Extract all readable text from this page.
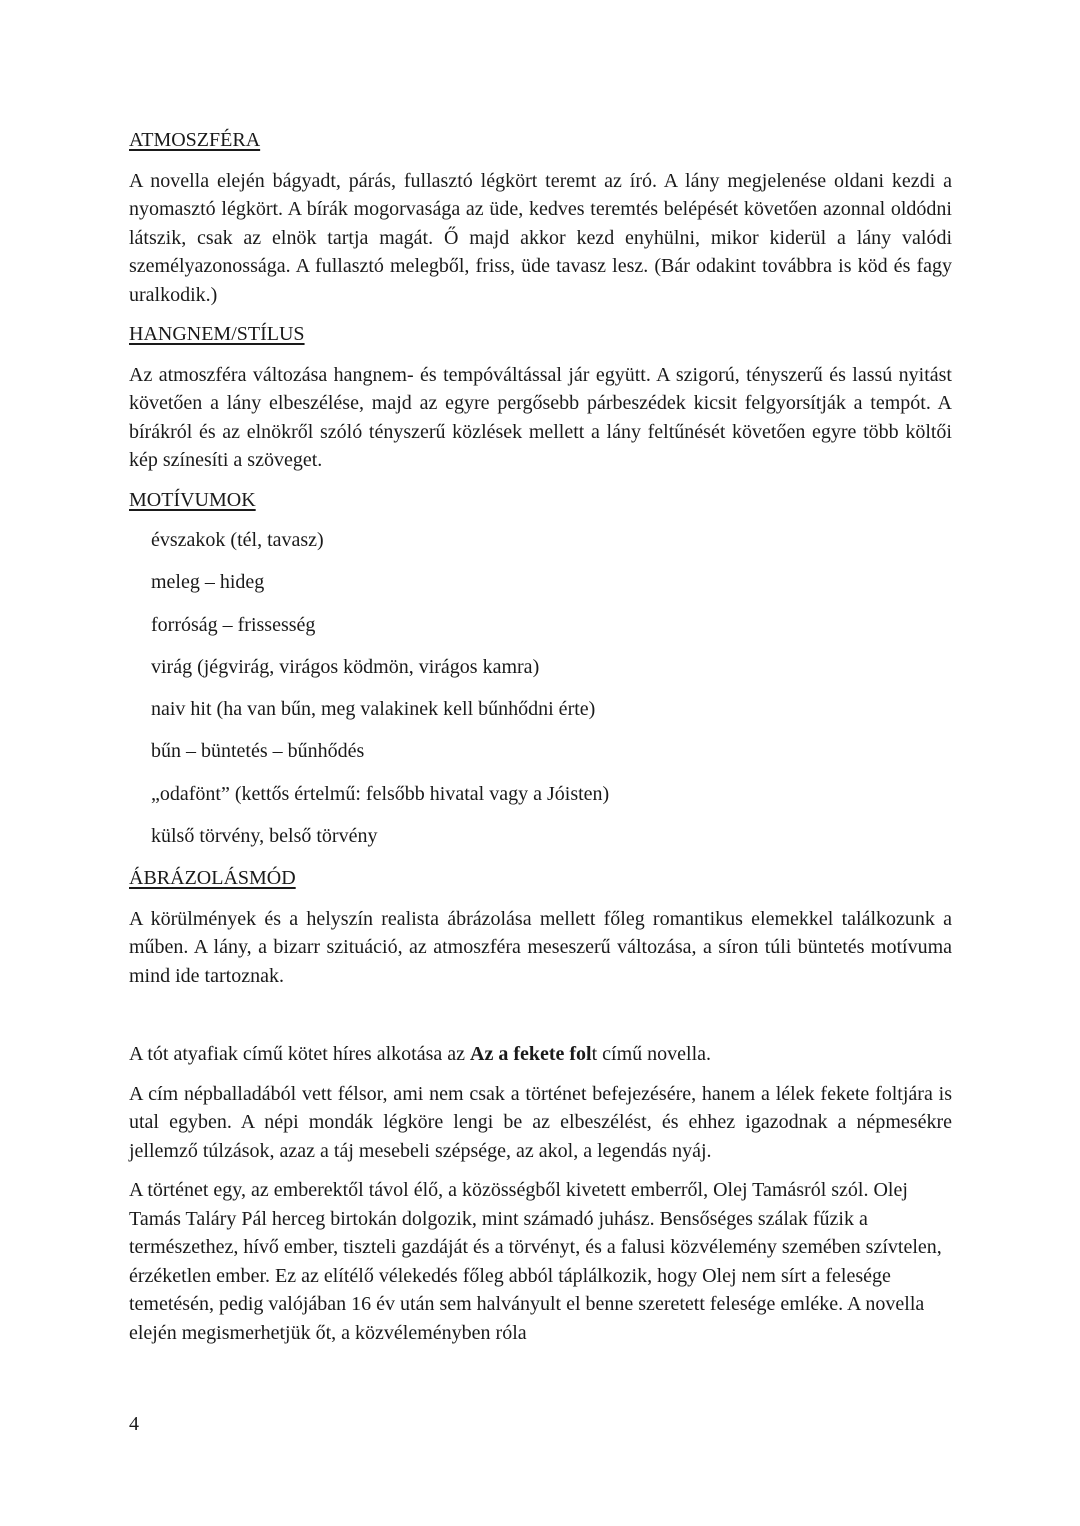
ATMOSZFÉRA

A novella elején bágyadt, párás, fullasztó légkört teremt az író. A lány megjelenése oldani kezdi a nyomasztó légkört. A bírák mogorvasága az üde, kedves teremtés belépését követően azonnal oldódni látszik, csak az elnök tartja magát. Ő majd akkor kezd enyhülni, mikor kiderül a lány valódi személyazonossága. A fullasztó melegből, friss, üde tavasz lesz. (Bár odakint továbbra is köd és fagy uralkodik.)

HANGNEM/STÍLUS

Az atmoszféra változása hangnem- és tempóváltással jár együtt. A szigorú, tényszerű és lassú nyitást követően a lány elbeszélése, majd az egyre pergősebb párbeszédek kicsit felgyorsítják a tempót. A bírákról és az elnökről szóló tényszerű közlések mellett a lány feltűnését követően egyre több költői kép színesíti a szöveget.

MOTÍVUMOK
évszakok (tél, tavasz)
meleg – hideg
forróság – frissesség
virág (jégvirág, virágos ködmön, virágos kamra)
naiv hit (ha van bűn, meg valakinek kell bűnhődni érte)
bűn – büntetés – bűnhődés
„odafönt” (kettős értelmű: felsőbb hivatal vagy a Jóisten)
külső törvény, belső törvény
ÁBRÁZOLÁSMÓD

A körülmények és a helyszín realista ábrázolása mellett főleg romantikus elemekkel találkozunk a műben. A lány, a bizarr szituáció, az atmoszféra meseszerű változása, a síron túli büntetés motívuma mind ide tartoznak.

A tót atyafiak című kötet híres alkotása az Az a fekete folt című novella.

A cím népballadából vett félsor, ami nem csak a történet befejezésére, hanem a lélek fekete foltjára is utal egyben. A népi mondák légköre lengi be az elbeszélést, és ehhez igazodnak a népmesékre jellemző túlzások, azaz a táj mesebeli szépsége, az akol, a legendás nyáj.

A történet egy, az emberektől távol élő, a közösségből kivetett emberről, Olej Tamásról szól. Olej Tamás Taláry Pál herceg birtokán dolgozik, mint számadó juhász. Bensőséges szálak fűzik a természethez, hívő ember, tiszteli gazdáját és a törvényt, és a falusi közvélemény szemében szívtelen, érzéketlen ember. Ez az elítélő vélekedés főleg abból táplálkozik, hogy Olej nem sírt a felesége temetésén, pedig valójában 16 év után sem halványult el benne szeretett felesége emléke. A novella elején megismerhetjük őt, a közvéleményben róla

4
